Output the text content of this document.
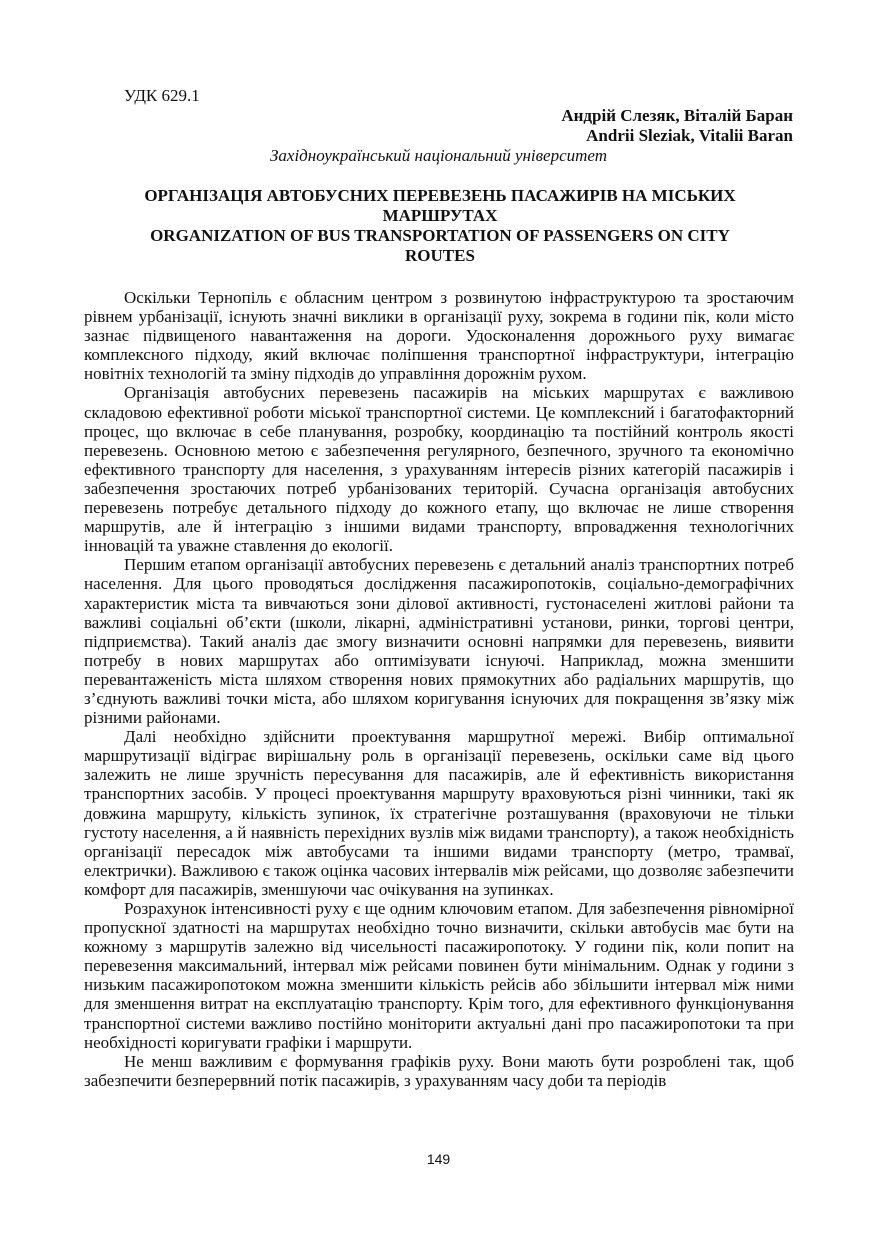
УДК 629.1
Андрій Слезяк, Віталій Баран
Andrii Sleziak, Vitalii Baran
Західноукраїнський національний університет
ОРГАНІЗАЦІЯ АВТОБУСНИХ ПЕРЕВЕЗЕНЬ ПАСАЖИРІВ НА МІСЬКИХ
МАРШРУТАХ
ORGANIZATION OF BUS TRANSPORTATION OF PASSENGERS ON CITY
ROUTES

Оскільки Тернопіль є обласним центром з розвинутою інфраструктурою та зростаючим рівнем урбанізації, існують значні виклики в організації руху, зокрема в години пік, коли місто зазнає підвищеного навантаження на дороги. Удосконалення дорожнього руху вимагає комплексного підходу, який включає поліпшення транспортної інфраструктури, інтеграцію новітніх технологій та зміну підходів до управління дорожнім рухом.

Організація автобусних перевезень пасажирів на міських маршрутах є важливою складовою ефективної роботи міської транспортної системи. Це комплексний і багатофакторний процес, що включає в себе планування, розробку, координацію та постійний контроль якості перевезень. Основною метою є забезпечення регулярного, безпечного, зручного та економічно ефективного транспорту для населення, з урахуванням інтересів різних категорій пасажирів і забезпечення зростаючих потреб урбанізованих територій. Сучасна організація автобусних перевезень потребує детального підходу до кожного етапу, що включає не лише створення маршрутів, але й інтеграцію з іншими видами транспорту, впровадження технологічних інновацій та уважне ставлення до екології.

Першим етапом організації автобусних перевезень є детальний аналіз транспортних потреб населення. Для цього проводяться дослідження пасажиропотоків, соціально-демографічних характеристик міста та вивчаються зони ділової активності, густонаселені житлові райони та важливі соціальні об’єкти (школи, лікарні, адміністративні установи, ринки, торгові центри, підприємства). Такий аналіз дає змогу визначити основні напрямки для перевезень, виявити потребу в нових маршрутах або оптимізувати існуючі. Наприклад, можна зменшити перевантаженість міста шляхом створення нових прямокутних або радіальних маршрутів, що з’єднують важливі точки міста, або шляхом коригування існуючих для покращення зв’язку між різними районами.

Далі необхідно здійснити проектування маршрутної мережі. Вибір оптимальної маршрутизації відіграє вирішальну роль в організації перевезень, оскільки саме від цього залежить не лише зручність пересування для пасажирів, але й ефективність використання транспортних засобів. У процесі проектування маршруту враховуються різні чинники, такі як довжина маршруту, кількість зупинок, їх стратегічне розташування (враховуючи не тільки густоту населення, а й наявність перехідних вузлів між видами транспорту), а також необхідність організації пересадок між автобусами та іншими видами транспорту (метро, трамваї, електрички). Важливою є також оцінка часових інтервалів між рейсами, що дозволяє забезпечити комфорт для пасажирів, зменшуючи час очікування на зупинках.

Розрахунок інтенсивності руху є ще одним ключовим етапом. Для забезпечення рівномірної пропускної здатності на маршрутах необхідно точно визначити, скільки автобусів має бути на кожному з маршрутів залежно від чисельності пасажиропотоку. У години пік, коли попит на перевезення максимальний, інтервал між рейсами повинен бути мінімальним. Однак у години з низьким пасажиропотоком можна зменшити кількість рейсів або збільшити інтервал між ними для зменшення витрат на експлуатацію транспорту. Крім того, для ефективного функціонування транспортної системи важливо постійно моніторити актуальні дані про пасажиропотоки та при необхідності коригувати графіки і маршрути.

Не менш важливим є формування графіків руху. Вони мають бути розроблені так, щоб забезпечити безперервний потік пасажирів, з урахуванням часу доби та періодів

149
